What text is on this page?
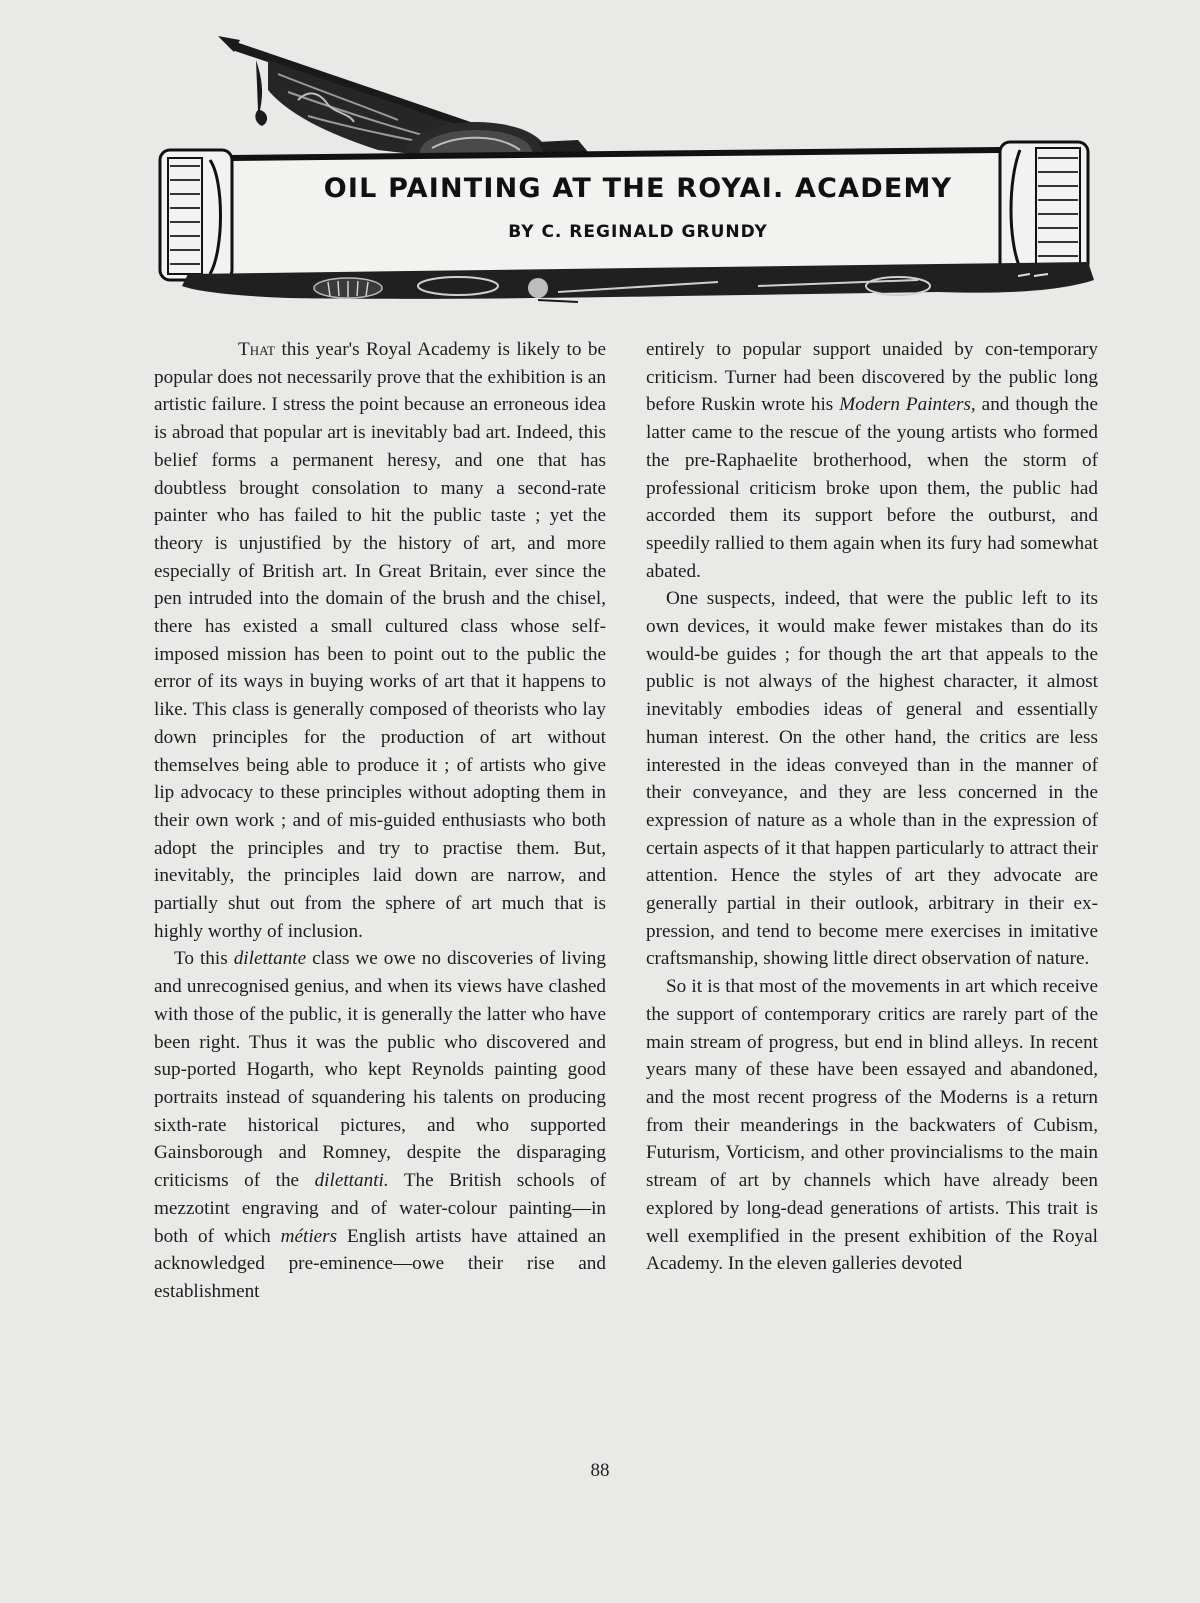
OIL PAINTING AT THE ROYAI. ACADEMY
BY C. REGINALD GRUNDY

That this year's Royal Academy is likely to be popular does not necessarily prove that the exhibition is an artistic failure. I stress the point because an erroneous idea is abroad that popular art is inevitably bad art. Indeed, this belief forms a permanent heresy, and one that has doubtless brought consolation to many a second-rate painter who has failed to hit the public taste ; yet the theory is unjustified by the history of art, and more especially of British art. In Great Britain, ever since the pen intruded into the domain of the brush and the chisel, there has existed a small cultured class whose self-imposed mission has been to point out to the public the error of its ways in buying works of art that it happens to like. This class is generally composed of theorists who lay down principles for the production of art without themselves being able to produce it ; of artists who give lip advocacy to these principles without adopting them in their own work ; and of mis-guided enthusiasts who both adopt the principles and try to practise them. But, inevitably, the principles laid down are narrow, and partially shut out from the sphere of art much that is highly worthy of inclusion.

To this dilettante class we owe no discoveries of living and unrecognised genius, and when its views have clashed with those of the public, it is generally the latter who have been right. Thus it was the public who discovered and sup-ported Hogarth, who kept Reynolds painting good portraits instead of squandering his talents on producing sixth-rate historical pictures, and who supported Gainsborough and Romney, despite the disparaging criticisms of the dilettanti. The British schools of mezzotint engraving and of water-colour painting—in both of which métiers English artists have attained an acknowledged pre-eminence—owe their rise and establishment

entirely to popular support unaided by con-temporary criticism. Turner had been discovered by the public long before Ruskin wrote his Modern Painters, and though the latter came to the rescue of the young artists who formed the pre-Raphaelite brotherhood, when the storm of professional criticism broke upon them, the public had accorded them its support before the outburst, and speedily rallied to them again when its fury had somewhat abated.

One suspects, indeed, that were the public left to its own devices, it would make fewer mistakes than do its would-be guides ; for though the art that appeals to the public is not always of the highest character, it almost inevitably embodies ideas of general and essentially human interest. On the other hand, the critics are less interested in the ideas conveyed than in the manner of their conveyance, and they are less concerned in the expression of nature as a whole than in the expression of certain aspects of it that happen particularly to attract their attention. Hence the styles of art they advocate are generally partial in their outlook, arbitrary in their ex-pression, and tend to become mere exercises in imitative craftsmanship, showing little direct observation of nature.

So it is that most of the movements in art which receive the support of contemporary critics are rarely part of the main stream of progress, but end in blind alleys. In recent years many of these have been essayed and abandoned, and the most recent progress of the Moderns is a return from their meanderings in the backwaters of Cubism, Futurism, Vorticism, and other provincialisms to the main stream of art by channels which have already been explored by long-dead generations of artists. This trait is well exemplified in the present exhibition of the Royal Academy. In the eleven galleries devoted

88
